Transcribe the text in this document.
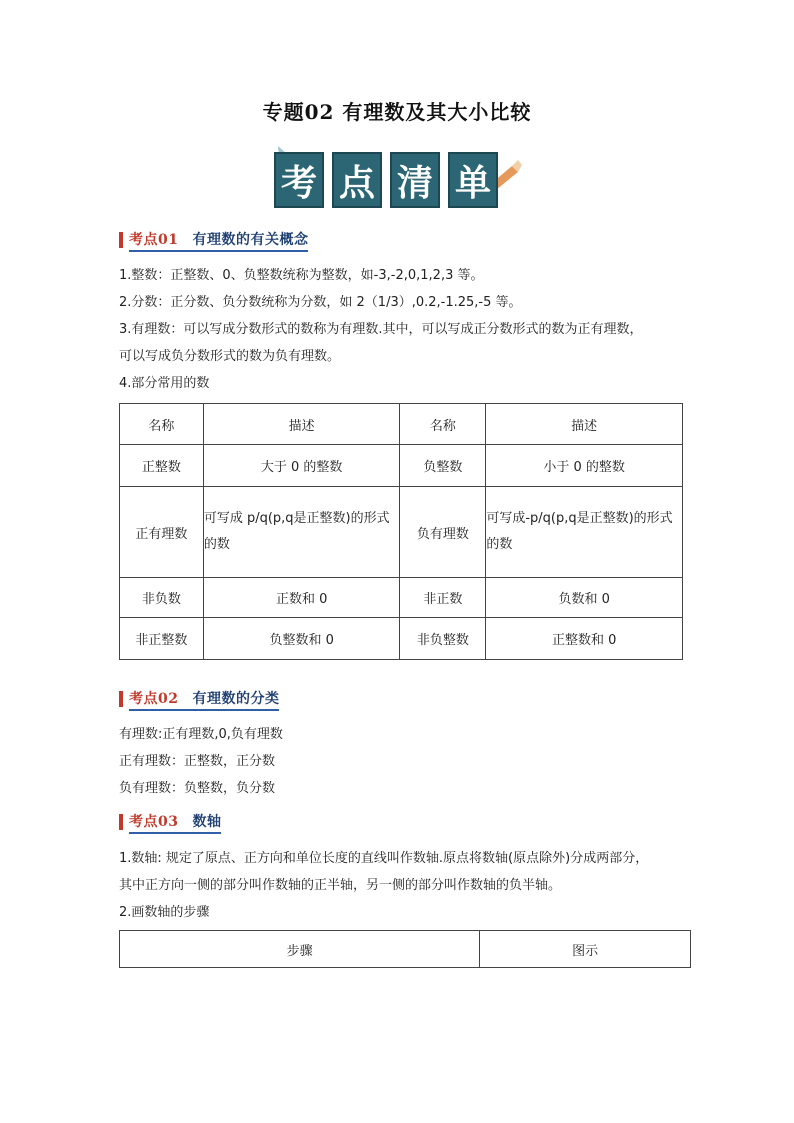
专题02 有理数及其大小比较
考 点 清 单
考点01 有理数的有关概念
1.整数：正整数、0、负整数统称为整数，如-3,-2,0,1,2,3 等。
2.分数：正分数、负分数统称为分数，如 2（1/3）,0.2,-1.25,-5 等。
3.有理数：可以写成分数形式的数称为有理数.其中，可以写成正分数形式的数为正有理数，
可以写成负分数形式的数为负有理数。
4.部分常用的数
名称	描述	名称	描述
正整数	大于 0 的整数	负整数	小于 0 的整数
正有理数	可写成 p/q(p,q是正整数)的形式的数	负有理数	可写成-p/q(p,q是正整数)的形式的数
非负数	正数和 0	非正数	负数和 0
非正整数	负整数和 0	非负整数	正整数和 0
考点02 有理数的分类
有理数:正有理数,0,负有理数
正有理数：正整数，正分数
负有理数：负整数，负分数
考点03 数轴
1.数轴: 规定了原点、正方向和单位长度的直线叫作数轴.原点将数轴(原点除外)分成两部分，
其中正方向一侧的部分叫作数轴的正半轴，另一侧的部分叫作数轴的负半轴。
2.画数轴的步骤
步骤	图示
